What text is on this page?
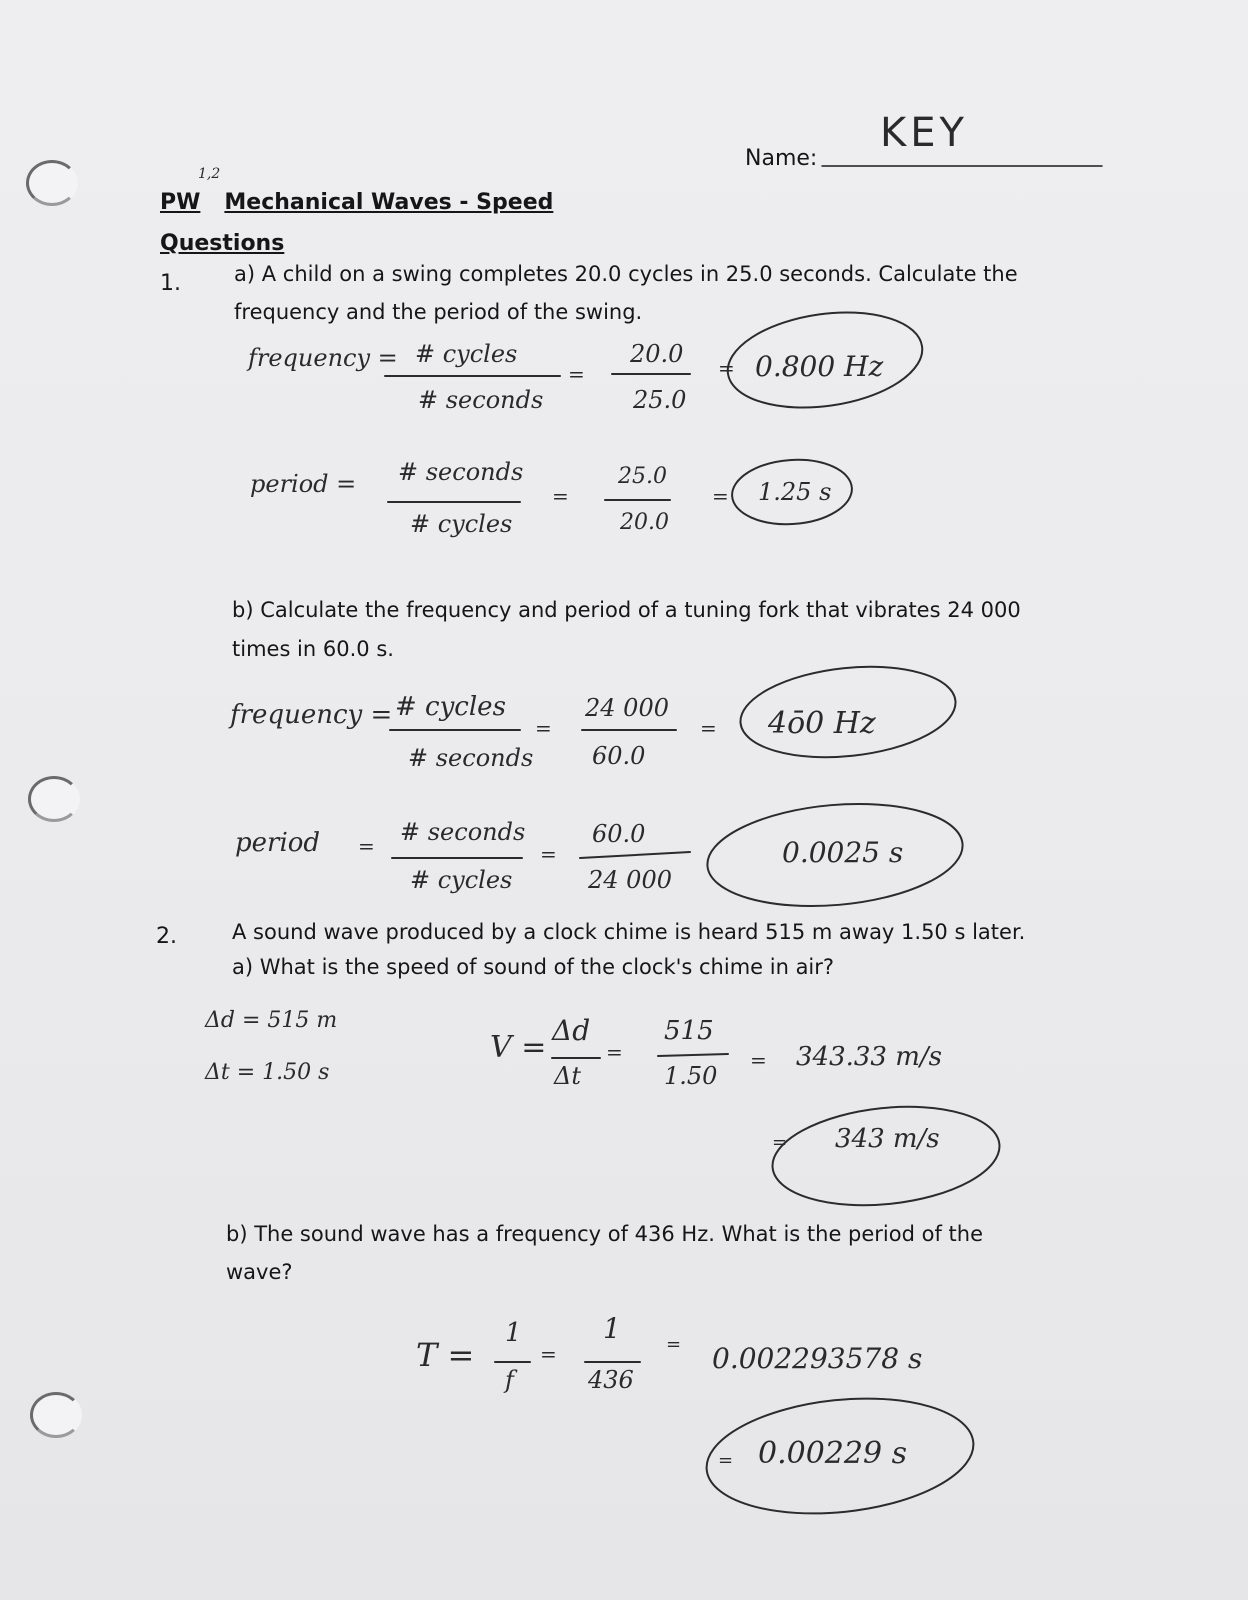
Name:
KEY
1,2
PW Mechanical Waves - Speed
Questions
1.	a) A child on a swing completes 20.0 cycles in 25.0 seconds. Calculate the
frequency and the period of the swing.
frequency = # cycles
# seconds
=
20.0
25.0
= 0.800 Hz
period = # seconds
# cycles
=
25.0
20.0
= 1.25 s
b) Calculate the frequency and period of a tuning fork that vibrates 24 000
times in 60.0 s.
frequency = # cycles
# seconds
=
24 000
60.0
= 4ō0 Hz
period = # seconds
# cycles
=
60.0
24 000
0.0025 s
2.	A sound wave produced by a clock chime is heard 515 m away 1.50 s later.
a) What is the speed of sound of the clock's chime in air?
Δd = 515 m
Δt = 1.50 s
V = Δd
Δt
=
515
1.50
= 343.33 m/s
= 343 m/s
b) The sound wave has a frequency of 436 Hz. What is the period of the
wave?
T =
1
f
=
1
436
= 0.002293578 s
= 0.00229 s
